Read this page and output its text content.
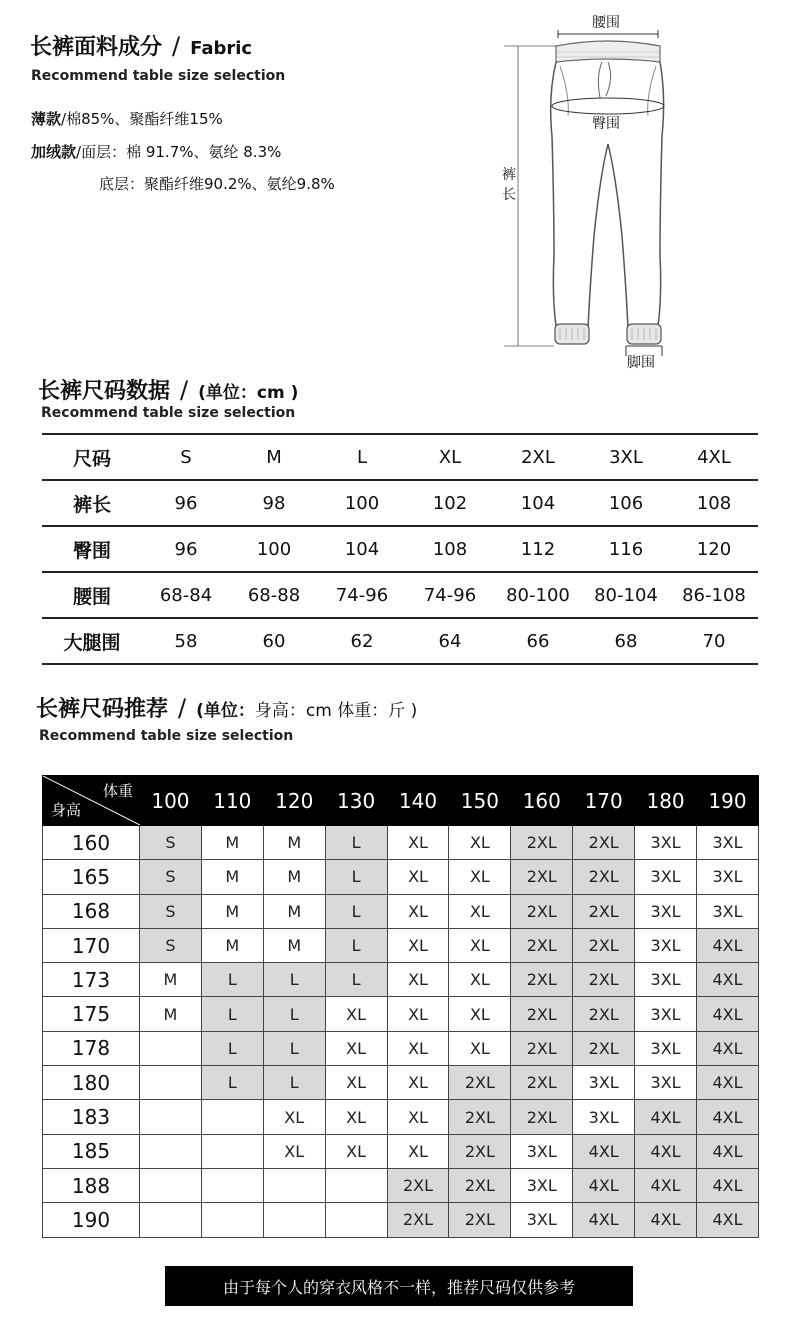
长裤面料成分 / Fabric
Recommend table size selection
薄款/棉85%、聚酯纤维15%
加绒款/面层：棉 91.7%、氨纶 8.3%
底层：聚酯纤维90.2%、氨纶9.8%
腰围
臀围
裤长
脚围
长裤尺码数据 / (单位：cm )
Recommend table size selection
尺码	S	M	L	XL	2XL	3XL	4XL
裤长	96	98	100	102	104	106	108
臀围	96	100	104	108	112	116	120
腰围	68-84	68-88	74-96	74-96	80-100	80-104	86-108
大腿围	58	60	62	64	66	68	70
长裤尺码推荐 / (单位：身高：cm 体重：斤 )
Recommend table size selection
体重
身高	100	110	120	130	140	150	160	170	180	190
160	S	M	M	L	XL	XL	2XL	2XL	3XL	3XL
165	S	M	M	L	XL	XL	2XL	2XL	3XL	3XL
168	S	M	M	L	XL	XL	2XL	2XL	3XL	3XL
170	S	M	M	L	XL	XL	2XL	2XL	3XL	4XL
173	M	L	L	L	XL	XL	2XL	2XL	3XL	4XL
175	M	L	L	XL	XL	XL	2XL	2XL	3XL	4XL
178		L	L	XL	XL	XL	2XL	2XL	3XL	4XL
180		L	L	XL	XL	2XL	2XL	3XL	3XL	4XL
183			XL	XL	XL	2XL	2XL	3XL	4XL	4XL
185			XL	XL	XL	2XL	3XL	4XL	4XL	4XL
188					2XL	2XL	3XL	4XL	4XL	4XL
190					2XL	2XL	3XL	4XL	4XL	4XL
由于每个人的穿衣风格不一样，推荐尺码仅供参考
